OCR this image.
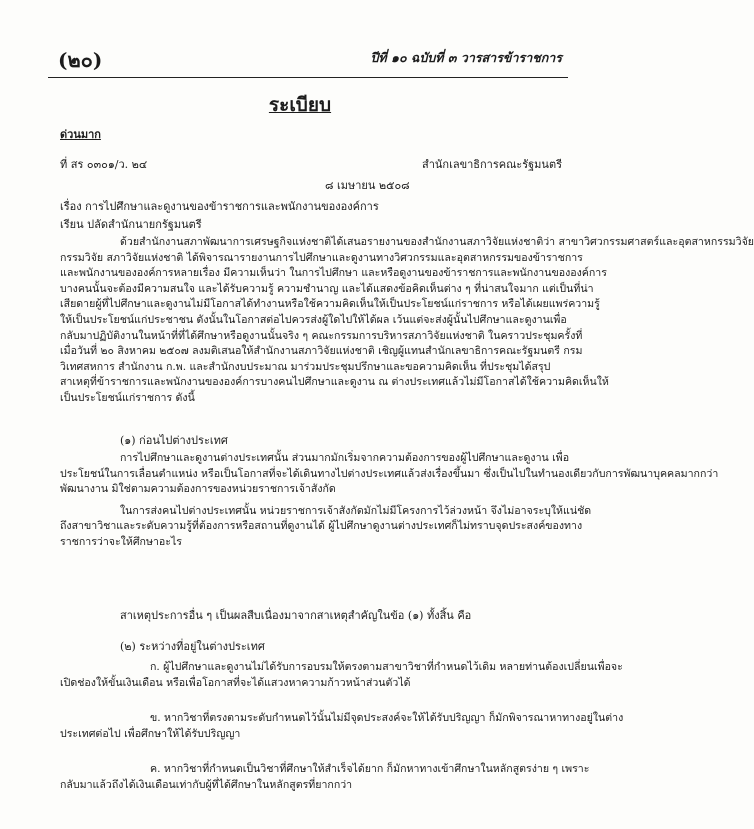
(๒๐)	ปีที่ ๑๐ ฉบับที่ ๓ วารสารข้าราชการ
ระเบียบ
ด่วนมาก
ที่ สร ๐๓๐๑/ว. ๒๔	สำนักเลขาธิการคณะรัฐมนตรี
๘ เมษายน ๒๕๐๘
เรื่อง การไปศึกษาและดูงานของข้าราชการและพนักงานขององค์การ
เรียน ปลัดสำนักนายกรัฐมนตรี
ด้วยสำนักงานสภาพัฒนาการเศรษฐกิจแห่งชาติได้เสนอรายงานของสำนักงานสภาวิจัยแห่งชาติว่า สาขาวิศวกรรมศาสตร์และอุตสาหกรรมวิจัย
กรรมวิจัย สภาวิจัยแห่งชาติ ได้พิจารณารายงานการไปศึกษาและดูงานทางวิศวกรรมและอุตสาหกรรมของข้าราชการ
และพนักงานขององค์การหลายเรื่อง มีความเห็นว่า ในการไปศึกษา และหรือดูงานของข้าราชการและพนักงานขององค์การ
บางคนนั้นจะต้องมีความสนใจ และได้รับความรู้ ความชำนาญ และได้แสดงข้อคิดเห็นต่าง ๆ ที่น่าสนใจมาก แต่เป็นที่น่า
เสียดายผู้ที่ไปศึกษาและดูงานไม่มีโอกาสได้ทำงานหรือใช้ความคิดเห็นให้เป็นประโยชน์แก่ราชการ หรือได้เผยแพร่ความรู้
ให้เป็นประโยชน์แก่ประชาชน ดังนั้นในโอกาสต่อไปควรส่งผู้ใดไปให้ได้ผล เว้นแต่จะส่งผู้นั้นไปศึกษาและดูงานเพื่อ
กลับมาปฏิบัติงานในหน้าที่ที่ได้ศึกษาหรือดูงานนั้นจริง ๆ คณะกรรมการบริหารสภาวิจัยแห่งชาติ ในคราวประชุมครั้งที่
เมื่อวันที่ ๒๐ สิงหาคม ๒๕๐๗ ลงมติเสนอให้สำนักงานสภาวิจัยแห่งชาติ เชิญผู้แทนสำนักเลขาธิการคณะรัฐมนตรี กรม
วิเทศสหการ สำนักงาน ก.พ. และสำนักงบประมาณ มาร่วมประชุมปรึกษาและขอความคิดเห็น ที่ประชุมได้สรุป
สาเหตุที่ข้าราชการและพนักงานขององค์การบางคนไปศึกษาและดูงาน ณ ต่างประเทศแล้วไม่มีโอกาสได้ใช้ความคิดเห็นให้
เป็นประโยชน์แก่ราชการ ดังนี้
(๑) ก่อนไปต่างประเทศ
การไปศึกษาและดูงานต่างประเทศนั้น ส่วนมากมักเริ่มจากความต้องการของผู้ไปศึกษาและดูงาน เพื่อ
ประโยชน์ในการเลื่อนตำแหน่ง หรือเป็นโอกาสที่จะได้เดินทางไปต่างประเทศแล้วส่งเรื่องขึ้นมา ซึ่งเป็นไปในทำนองเดียวกับการพัฒนาบุคคลมากกว่า
พัฒนางาน มิใช่ตามความต้องการของหน่วยราชการเจ้าสังกัด
ในการส่งคนไปต่างประเทศนั้น หน่วยราชการเจ้าสังกัดมักไม่มีโครงการไว้ล่วงหน้า จึงไม่อาจระบุให้แน่ชัด
ถึงสาขาวิชาและระดับความรู้ที่ต้องการหรือสถานที่ดูงานได้ ผู้ไปศึกษาดูงานต่างประเทศก็ไม่ทราบจุดประสงค์ของทาง
ราชการว่าจะให้ศึกษาอะไร
สาเหตุประการอื่น ๆ เป็นผลสืบเนื่องมาจากสาเหตุสำคัญในข้อ (๑) ทั้งสิ้น คือ
(๒) ระหว่างที่อยู่ในต่างประเทศ
ก. ผู้ไปศึกษาและดูงานไม่ได้รับการอบรมให้ตรงตามสาขาวิชาที่กำหนดไว้เดิม หลายท่านต้องเปลี่ยนเพื่อจะ
เปิดช่องให้ขั้นเงินเดือน หรือเพื่อโอกาสที่จะได้แสวงหาความก้าวหน้าส่วนตัวได้
ข. หากวิชาที่ตรงตามระดับกำหนดไว้นั้นไม่มีจุดประสงค์จะให้ได้รับปริญญา ก็มักพิจารณาหาทางอยู่ในต่าง
ประเทศต่อไป เพื่อศึกษาให้ได้รับปริญญา
ค. หากวิชาที่กำหนดเป็นวิชาที่ศึกษาให้สำเร็จได้ยาก ก็มักหาทางเข้าศึกษาในหลักสูตรง่าย ๆ เพราะ
กลับมาแล้วถึงได้เงินเดือนเท่ากับผู้ที่ได้ศึกษาในหลักสูตรที่ยากกว่า
